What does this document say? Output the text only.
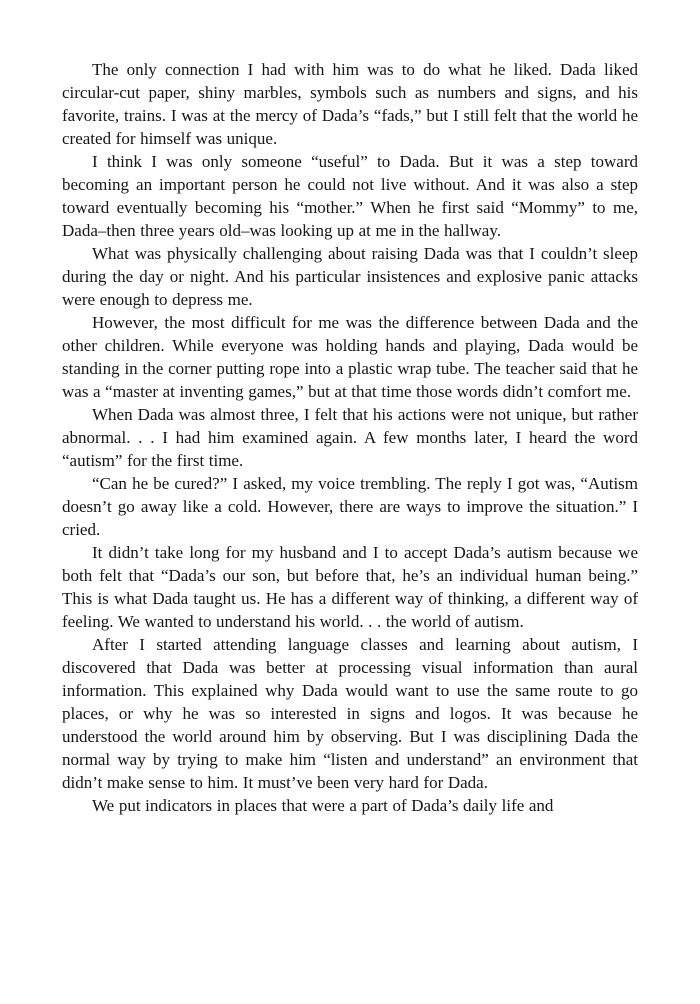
The only connection I had with him was to do what he liked. Dada liked circular-cut paper, shiny marbles, symbols such as numbers and signs, and his favorite, trains. I was at the mercy of Dada’s “fads,” but I still felt that the world he created for himself was unique.

I think I was only someone “useful” to Dada. But it was a step toward becoming an important person he could not live without. And it was also a step toward eventually becoming his “mother.” When he first said “Mommy” to me, Dada–then three years old–was looking up at me in the hallway.

What was physically challenging about raising Dada was that I couldn’t sleep during the day or night. And his particular insistences and explosive panic attacks were enough to depress me.

However, the most difficult for me was the difference between Dada and the other children. While everyone was holding hands and playing, Dada would be standing in the corner putting rope into a plastic wrap tube. The teacher said that he was a “master at inventing games,” but at that time those words didn’t comfort me.

When Dada was almost three, I felt that his actions were not unique, but rather abnormal. . . I had him examined again. A few months later, I heard the word “autism” for the first time.

“Can he be cured?” I asked, my voice trembling. The reply I got was, “Autism doesn’t go away like a cold. However, there are ways to improve the situation.” I cried.

It didn’t take long for my husband and I to accept Dada’s autism because we both felt that “Dada’s our son, but before that, he’s an individual human being.” This is what Dada taught us. He has a different way of thinking, a different way of feeling. We wanted to understand his world. . . the world of autism.

After I started attending language classes and learning about autism, I discovered that Dada was better at processing visual information than aural information. This explained why Dada would want to use the same route to go places, or why he was so interested in signs and logos. It was because he understood the world around him by observing. But I was disciplining Dada the normal way by trying to make him “listen and understand” an environment that didn’t make sense to him. It must’ve been very hard for Dada.

We put indicators in places that were a part of Dada’s daily life and
